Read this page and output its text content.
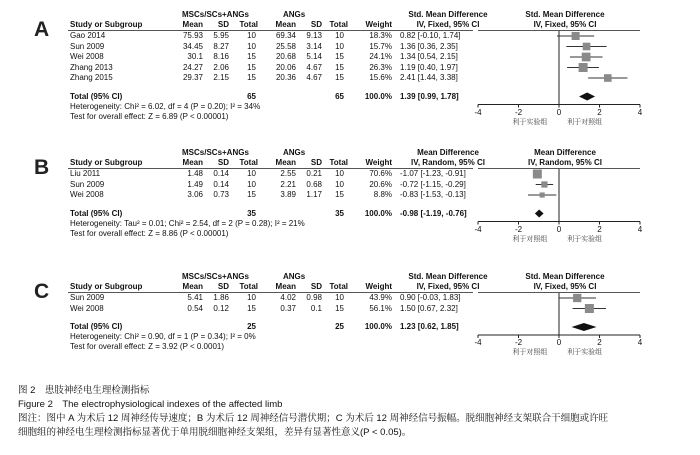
A
MSCs/SCs+ANGs	ANGs	Std. Mean Difference	Std. Mean Difference
Study or Subgroup	Mean	SD	Total	Mean	SD Total	Weight	IV, Fixed, 95% CI	IV, Fixed, 95% CI
Gao 2014	75.93	5.95	10	69.34	9.13	10	18.3% 0.82 [-0.10, 1.74]
Sun 2009	34.45	8.27	10	25.58	3.14	10	15.7% 1.36 [0.36, 2.35]
Wei 2008	30.1	8.16	15	20.68	5.14	15	24.1% 1.34 [0.54, 2.15]
Zhang 2013	24.27	2.06	15	20.06	4.67	15	26.3% 1.19 [0.40, 1.97]
Zhang 2015	29.37	2.15	15	20.36	4.67	15	15.6% 2.41 [1.44, 3.38]
Total (95% CI)	65	65	100.0% 1.39 [0.99, 1.78]
Heterogeneity: Chi² = 6.02, df = 4 (P = 0.20); I² = 34%
Test for overall effect: Z = 6.89 (P < 0.00001)	-4	-2	0	2	4
利于实验组	利于对照组
B
MSCs/SCs+ANGs	ANGs	Mean Difference	Mean Difference
Study or Subgroup	Mean	SD	Total	Mean	SD Total	Weight	IV, Random, 95% CI	IV, Random, 95% CI
Liu 2011	1.48	0.14	10	2.55	0.21	10	70.6% -1.07 [-1.23, -0.91]
Sun 2009	1.49	0.14	10	2.21	0.68	10	20.6% -0.72 [-1.15, -0.29]
Wei 2008	3.06	0.73	15	3.89	1.17	15	8.8% -0.83 [-1.53, -0.13]
Total (95% CI)	35	35	100.0% -0.98 [-1.19, -0.76]
Heterogeneity: Tau² = 0.01; Chi² = 2.54, df = 2 (P = 0.28); I² = 21%
Test for overall effect: Z = 8.86 (P < 0.00001)	-4	-2	0	2	4
利于对照组	利于实验组
C
MSCs/SCs+ANGs	ANGs	Std. Mean Difference	Std. Mean Difference
Study or Subgroup	Mean	SD	Total	Mean	SD Total	Weight	IV, Fixed, 95% CI	IV, Fixed, 95% CI
Sun 2009	5.41	1.86	10	4.02	0.98	10	43.9% 0.90 [-0.03, 1.83]
Wei 2008	0.54	0.12	15	0.37	0.1	15	56.1% 1.50 [0.67, 2.32]
Total (95% CI)	25	25	100.0% 1.23 [0.62, 1.85]
Heterogeneity: Chi² = 0.90, df = 1 (P = 0.34); I² = 0%
Test for overall effect: Z = 3.92 (P < 0.0001)	-4	-2	0	2	4
利于对照组	利于实验组
图 2　患肢神经电生理检测指标
Figure 2　The electrophysiological indexes of the affected limb
图注：图中 A 为术后 12 周神经传导速度；B 为术后 12 周神经信号潜伏期；C 为术后 12 周神经信号振幅。脱细胞神经支架联合干细胞或许旺
细胞组的神经电生理检测指标显著优于单用脱细胞神经支架组，差异有显著性意义(P < 0.05)。
